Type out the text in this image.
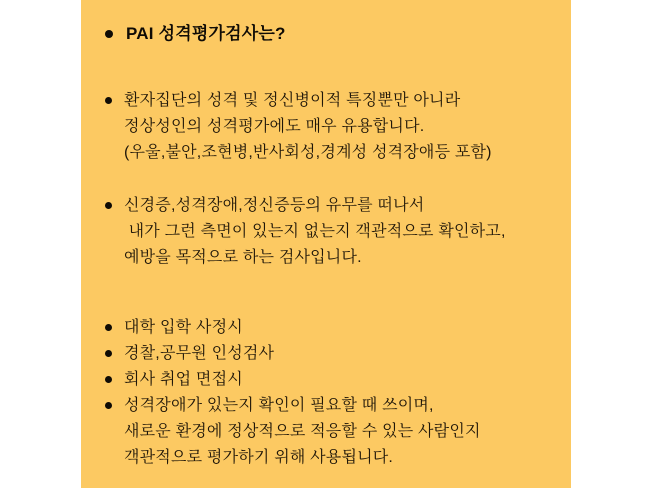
PAI 성격평가검사는?
환자집단의 성격 및 정신병이적 특징뿐만 아니라
정상성인의 성격평가에도 매우 유용합니다.
(우울,불안,조현병,반사회성,경계성 성격장애등 포함)
신경증,성격장애,정신증등의 유무를 떠나서
내가 그런 측면이 있는지 없는지 객관적으로 확인하고,
예방을 목적으로 하는 검사입니다.
대학 입학 사정시
경찰,공무원 인성검사
회사 취업 면접시
성격장애가 있는지 확인이 필요할 때 쓰이며,
새로운 환경에 정상적으로 적응할 수 있는 사람인지
객관적으로 평가하기 위해 사용됩니다.
